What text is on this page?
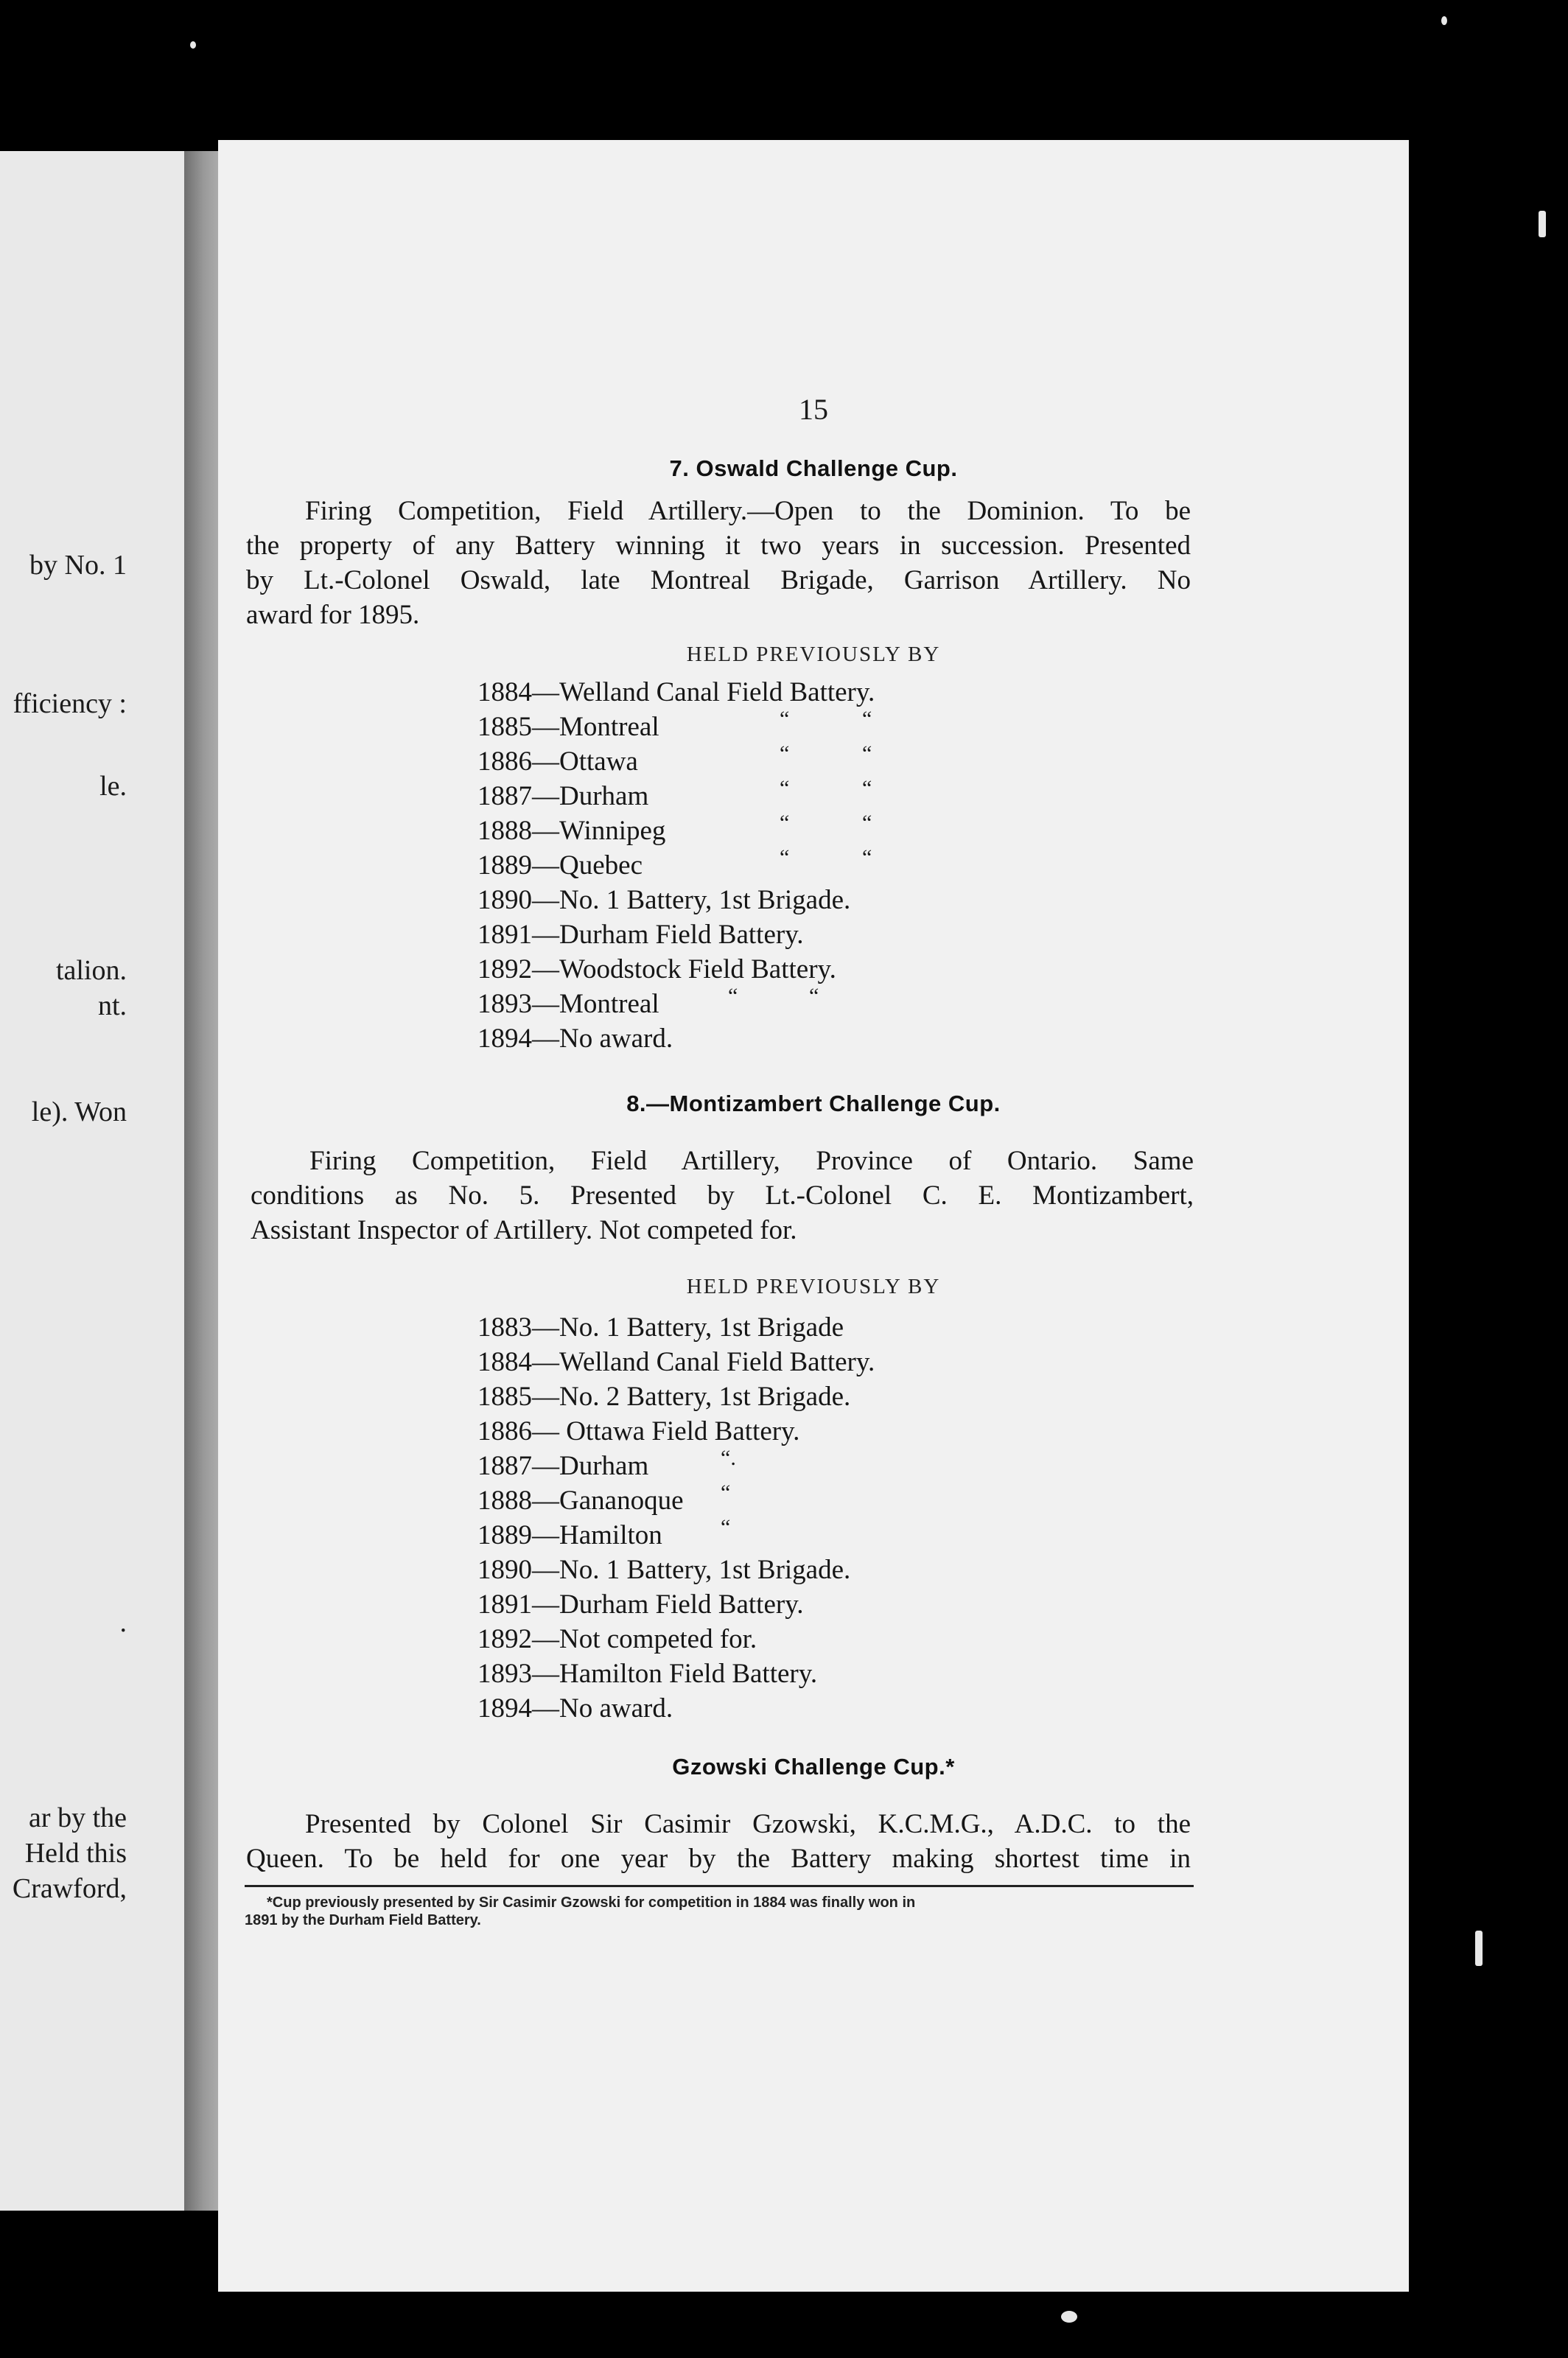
by No. 1
fficiency :
le.
talion.
nt.
le). Won
.
ar by the
Held this
Crawford,
15
7. Oswald Challenge Cup.
Firing Competition, Field Artillery.—Open to the Dominion. To be
the property of any Battery winning it two years in succession. Presented
by Lt.-Colonel Oswald, late Montreal Brigade, Garrison Artillery. No
award for 1895.
HELD PREVIOUSLY BY
1884—Welland Canal Field Battery.
1885—Montreal	“	“
1886—Ottawa	“	“
1887—Durham	“	“
1888—Winnipeg	“	“
1889—Quebec	“	“
1890—No. 1 Battery, 1st Brigade.
1891—Durham Field Battery.
1892—Woodstock Field Battery.
1893—Montreal	“	“
1894—No award.
8.—Montizambert Challenge Cup.
Firing Competition, Field Artillery, Province of Ontario. Same
conditions as No. 5. Presented by Lt.-Colonel C. E. Montizambert,
Assistant Inspector of Artillery. Not competed for.
HELD PREVIOUSLY BY
1883—No. 1 Battery, 1st Brigade
1884—Welland Canal Field Battery.
1885—No. 2 Battery, 1st Brigade.
1886— Ottawa Field Battery.
1887—Durham	“.
1888—Gananoque “
1889—Hamilton	“
1890—No. 1 Battery, 1st Brigade.
1891—Durham Field Battery.
1892—Not competed for.
1893—Hamilton Field Battery.
1894—No award.
Gzowski Challenge Cup.*
Presented by Colonel Sir Casimir Gzowski, K.C.M.G., A.D.C. to the
Queen. To be held for one year by the Battery making shortest time in
*Cup previously presented by Sir Casimir Gzowski for competition in 1884 was finally won in
1891 by the Durham Field Battery.
